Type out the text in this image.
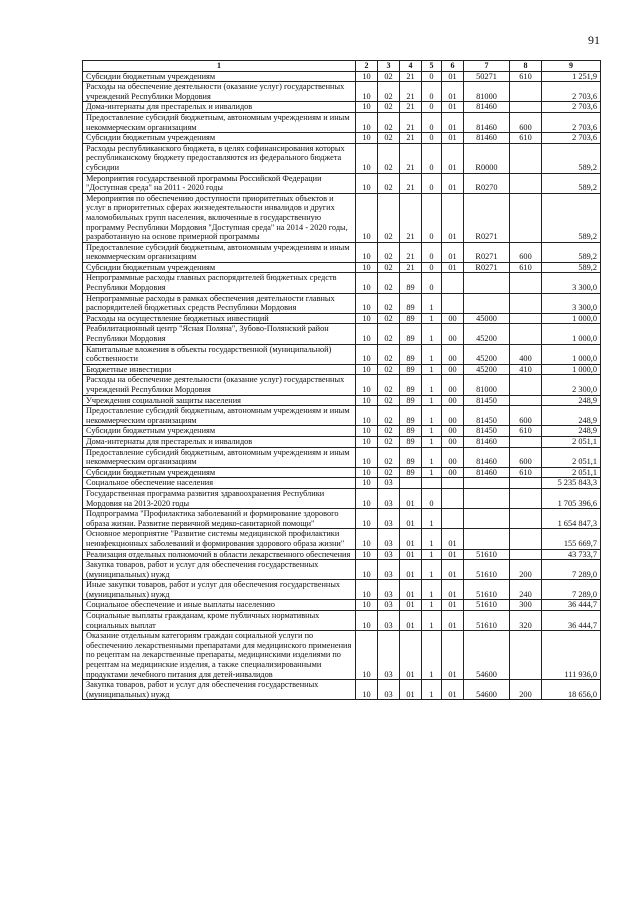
91
1	2	3	4	5	6	7	8	9
Субсидии бюджетным учреждениям	10	02	21	0	01	50271	610	1 251,9
Расходы на обеспечение деятельности (оказание услуг) государственных учреждений Республики Мордовия	10	02	21	0	01	81000		2 703,6
Дома-интернаты для престарелых и инвалидов	10	02	21	0	01	81460		2 703,6
Предоставление субсидий бюджетным, автономным учреждениям и иным некоммерческим организациям	10	02	21	0	01	81460	600	2 703,6
Субсидии бюджетным учреждениям	10	02	21	0	01	81460	610	2 703,6
Расходы республиканского бюджета, в целях софинансирования которых республиканскому бюджету предоставляются из федерального бюджета субсидии	10	02	21	0	01	R0000		589,2
Мероприятия государственной программы Российской Федерации "Доступная среда" на 2011 - 2020 годы	10	02	21	0	01	R0270		589,2
Мероприятия по обеспечению доступности приоритетных объектов и услуг в приоритетных сферах жизнедеятельности инвалидов и других маломобильных групп населения, включенные в государственную программу Республики Мордовия "Доступная среда" на 2014 - 2020 годы, разработанную на основе примерной программы	10	02	21	0	01	R0271		589,2
Предоставление субсидий бюджетным, автономным учреждениям и иным некоммерческим организациям	10	02	21	0	01	R0271	600	589,2
Субсидии бюджетным учреждениям	10	02	21	0	01	R0271	610	589,2
Непрограммные расходы главных распорядителей бюджетных средств Республики Мордовия	10	02	89	0				3 300,0
Непрограммные расходы в рамках обеспечения деятельности главных распорядителей бюджетных средств Республики Мордовия	10	02	89	1				3 300,0
Расходы на осуществление бюджетных инвестиций	10	02	89	1	00	45000		1 000,0
Реабилитационный центр "Ясная Поляна", Зубово-Полянский район Республики Мордовия	10	02	89	1	00	45200		1 000,0
Капитальные вложения в объекты государственной (муниципальной) собственности	10	02	89	1	00	45200	400	1 000,0
Бюджетные инвестиции	10	02	89	1	00	45200	410	1 000,0
Расходы на обеспечение деятельности (оказание услуг) государственных учреждений Республики Мордовия	10	02	89	1	00	81000		2 300,0
Учреждения социальной защиты населения	10	02	89	1	00	81450		248,9
Предоставление субсидий бюджетным, автономным учреждениям и иным некоммерческим организациям	10	02	89	1	00	81450	600	248,9
Субсидии бюджетным учреждениям	10	02	89	1	00	81450	610	248,9
Дома-интернаты для престарелых и инвалидов	10	02	89	1	00	81460		2 051,1
Предоставление субсидий бюджетным, автономным учреждениям и иным некоммерческим организациям	10	02	89	1	00	81460	600	2 051,1
Субсидии бюджетным учреждениям	10	02	89	1	00	81460	610	2 051,1
Социальное обеспечение населения	10	03						5 235 843,3
Государственная программа развития здравоохранения Республики Мордовия на 2013-2020 годы	10	03	01	0				1 705 396,6
Подпрограмма "Профилактика заболеваний и формирование здорового образа жизни. Развитие первичной медико-санитарной помощи"	10	03	01	1				1 654 847,3
Основное мероприятие "Развитие системы медицинской профилактики неинфекционных заболеваний и формирования здорового образа жизни"	10	03	01	1	01			155 669,7
Реализация отдельных полномочий в области лекарственного обеспечения	10	03	01	1	01	51610		43 733,7
Закупка товаров, работ и услуг для обеспечения государственных (муниципальных) нужд	10	03	01	1	01	51610	200	7 289,0
Иные закупки товаров, работ и услуг для обеспечения государственных (муниципальных) нужд	10	03	01	1	01	51610	240	7 289,0
Социальное обеспечение и иные выплаты населению	10	03	01	1	01	51610	300	36 444,7
Социальные выплаты гражданам, кроме публичных нормативных социальных выплат	10	03	01	1	01	51610	320	36 444,7
Оказание отдельным категориям граждан социальной услуги по обеспечению лекарственными препаратами для медицинского применения по рецептам на лекарственные препараты, медицинскими изделиями по рецептам на медицинские изделия, а также специализированными продуктами лечебного питания для детей-инвалидов	10	03	01	1	01	54600		111 936,0
Закупка товаров, работ и услуг для обеспечения государственных (муниципальных) нужд	10	03	01	1	01	54600	200	18 656,0
